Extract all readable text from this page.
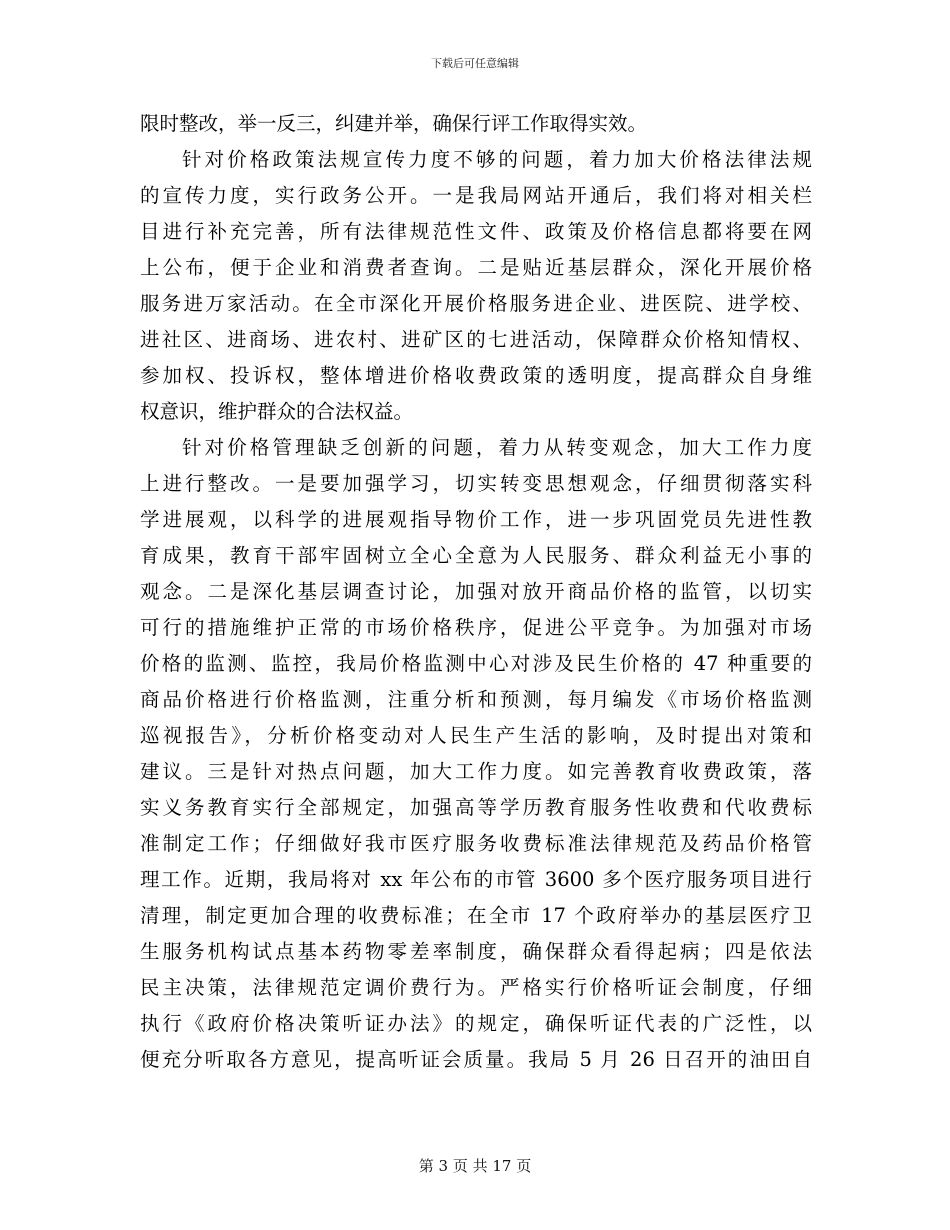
下载后可任意编辑
限时整改，举一反三，纠建并举，确保行评工作取得实效。
针对价格政策法规宣传力度不够的问题，着力加大价格法律法规
的宣传力度，实行政务公开。一是我局网站开通后，我们将对相关栏
目进行补充完善，所有法律规范性文件、政策及价格信息都将要在网
上公布，便于企业和消费者查询。二是贴近基层群众，深化开展价格
服务进万家活动。在全市深化开展价格服务进企业、进医院、进学校、
进社区、进商场、进农村、进矿区的七进活动，保障群众价格知情权、
参加权、投诉权，整体增进价格收费政策的透明度，提高群众自身维
权意识，维护群众的合法权益。
针对价格管理缺乏创新的问题，着力从转变观念，加大工作力度
上进行整改。一是要加强学习，切实转变思想观念，仔细贯彻落实科
学进展观，以科学的进展观指导物价工作，进一步巩固党员先进性教
育成果，教育干部牢固树立全心全意为人民服务、群众利益无小事的
观念。二是深化基层调查讨论，加强对放开商品价格的监管，以切实
可行的措施维护正常的市场价格秩序，促进公平竞争。为加强对市场
价格的监测、监控，我局价格监测中心对涉及民生价格的 47 种重要的
商品价格进行价格监测，注重分析和预测，每月编发《市场价格监测
巡视报告》，分析价格变动对人民生产生活的影响，及时提出对策和
建议。三是针对热点问题，加大工作力度。如完善教育收费政策，落
实义务教育实行全部规定，加强高等学历教育服务性收费和代收费标
准制定工作；仔细做好我市医疗服务收费标准法律规范及药品价格管
理工作。近期，我局将对 xx 年公布的市管 3600 多个医疗服务项目进行
清理，制定更加合理的收费标准；在全市 17 个政府举办的基层医疗卫
生服务机构试点基本药物零差率制度，确保群众看得起病；四是依法
民主决策，法律规范定调价费行为。严格实行价格听证会制度，仔细
执行《政府价格决策听证办法》的规定，确保听证代表的广泛性，以
便充分听取各方意见，提高听证会质量。我局 5 月 26 日召开的油田自
第 3 页 共 17 页
